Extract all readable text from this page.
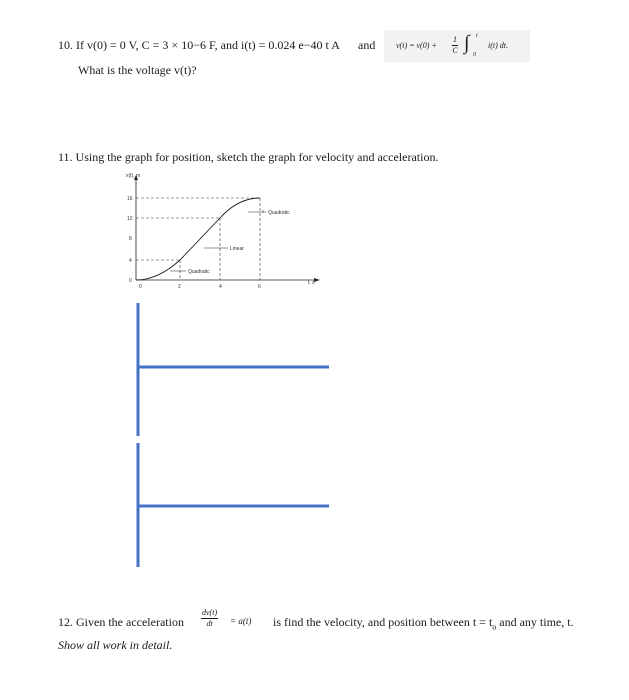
10. If v(0) = 0 V, C = 3 × 10−6 F, and i(t) = 0.024 e−40 t A and	$v(t) = v(0) + \frac{1}{C}$ ∫ t
0
i(t) dt.
What is the voltage v(t)?
11. Using the graph for position, sketch the graph for velocity and acceleration.
x(t), m
t, s
16
12
8
4
0
0	2	4	6
Quadratic
Linear
Quadratic
12. Given the acceleration $\frac{dv(t)}{dt} = a(t)$ is find the velocity, and position between $t = t_o$ and any time, t.
Show all work in detail.
